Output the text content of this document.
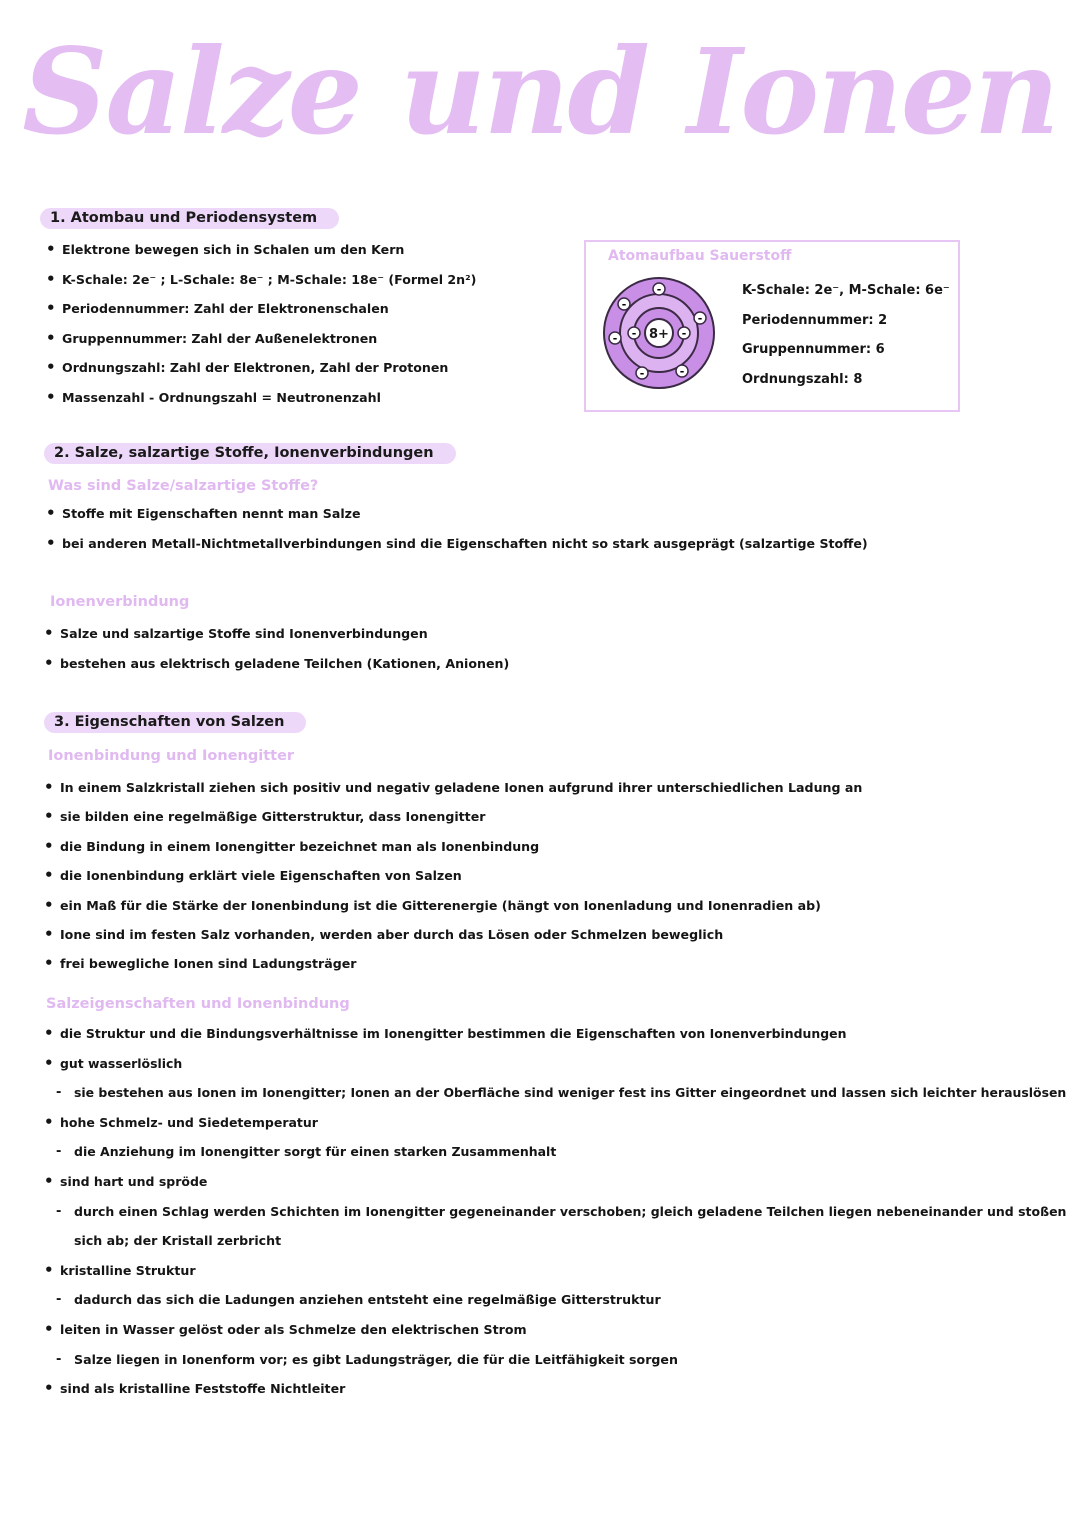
Salze und Ionen
1. Atombau und Periodensystem
• Elektrone bewegen sich in Schalen um den Kern
• K-Schale: 2e⁻ ; L-Schale: 8e⁻ ; M-Schale: 18e⁻ (Formel 2n²)
• Periodennummer: Zahl der Elektronenschalen
• Gruppennummer: Zahl der Außenelektronen
• Ordnungszahl: Zahl der Elektronen, Zahl der Protonen
• Massenzahl - Ordnungszahl = Neutronenzahl
Atomaufbau Sauerstoff
8+
-	-
-
-
-
-
-	-
K-Schale: 2e⁻, M-Schale: 6e⁻
Periodennummer: 2
Gruppennummer: 6
Ordnungszahl: 8
2. Salze, salzartige Stoffe, Ionenverbindungen
Was sind Salze/salzartige Stoffe?
• Stoffe mit Eigenschaften nennt man Salze
• bei anderen Metall-Nichtmetallverbindungen sind die Eigenschaften nicht so stark ausgeprägt (salzartige Stoffe)
Ionenverbindung
• Salze und salzartige Stoffe sind Ionenverbindungen
• bestehen aus elektrisch geladene Teilchen (Kationen, Anionen)
3. Eigenschaften von Salzen
Ionenbindung und Ionengitter
• In einem Salzkristall ziehen sich positiv und negativ geladene Ionen aufgrund ihrer unterschiedlichen Ladung an
• sie bilden eine regelmäßige Gitterstruktur, dass Ionengitter
• die Bindung in einem Ionengitter bezeichnet man als Ionenbindung
• die Ionenbindung erklärt viele Eigenschaften von Salzen
• ein Maß für die Stärke der Ionenbindung ist die Gitterenergie (hängt von Ionenladung und Ionenradien ab)
• Ione sind im festen Salz vorhanden, werden aber durch das Lösen oder Schmelzen beweglich
• frei bewegliche Ionen sind Ladungsträger
Salzeigenschaften und Ionenbindung
• die Struktur und die Bindungsverhältnisse im Ionengitter bestimmen die Eigenschaften von Ionenverbindungen
• gut wasserlöslich
- sie bestehen aus Ionen im Ionengitter; Ionen an der Oberfläche sind weniger fest ins Gitter eingeordnet und lassen sich leichter herauslösen
• hohe Schmelz- und Siedetemperatur
- die Anziehung im Ionengitter sorgt für einen starken Zusammenhalt
• sind hart und spröde
- durch einen Schlag werden Schichten im Ionengitter gegeneinander verschoben; gleich geladene Teilchen liegen nebeneinander und stoßen
sich ab; der Kristall zerbricht
• kristalline Struktur
- dadurch das sich die Ladungen anziehen entsteht eine regelmäßige Gitterstruktur
• leiten in Wasser gelöst oder als Schmelze den elektrischen Strom
- Salze liegen in Ionenform vor; es gibt Ladungsträger, die für die Leitfähigkeit sorgen
• sind als kristalline Feststoffe Nichtleiter
